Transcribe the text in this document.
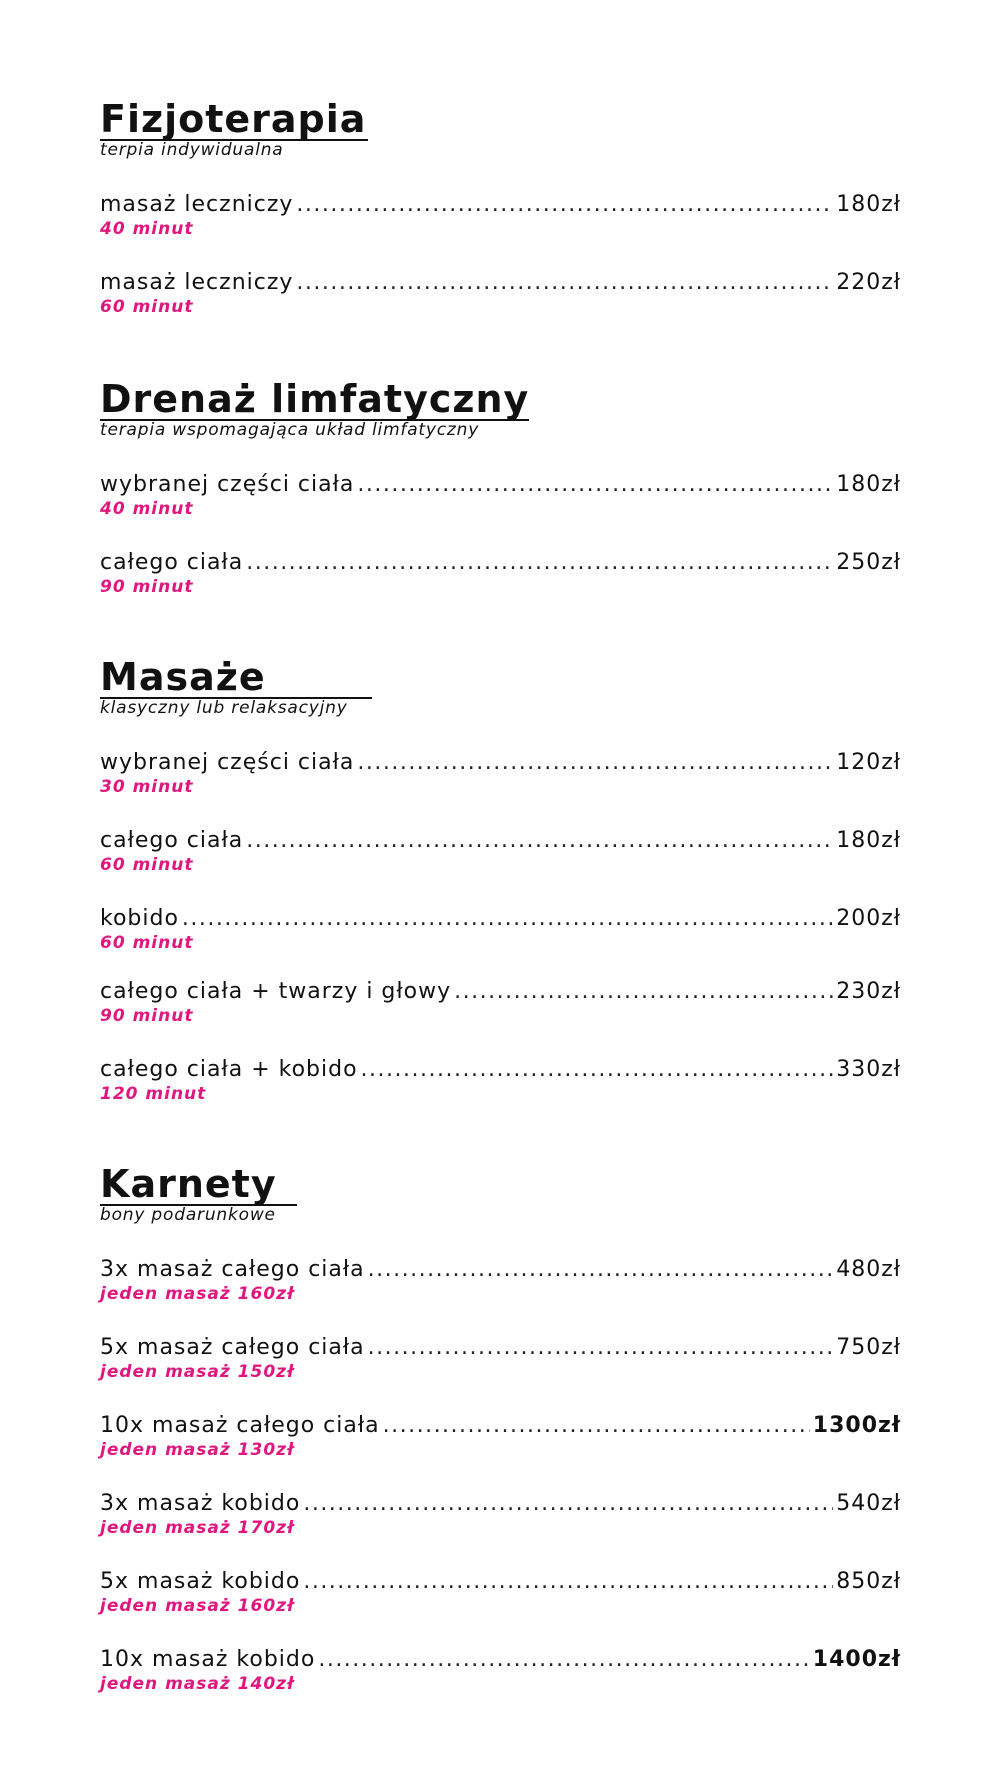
Fizjoterapia
terpia indywidualna
masaż leczniczy .....	180zł
40 minut
masaż leczniczy .....	220zł
60 minut
Drenaż limfatyczny
terapia wspomagająca układ limfatyczny
wybranej części ciała .....	180zł
40 minut
całego ciała .....	250zł
90 minut
Masaże
klasyczny lub relaksacyjny
wybranej części ciała .....	120zł
30 minut
całego ciała .....	180zł
60 minut
kobido .....	200zł
60 minut
całego ciała + twarzy i głowy .....	230zł
90 minut
całego ciała + kobido .....	330zł
120 minut
Karnety
bony podarunkowe
3x masaż całego ciała .....	480zł
jeden masaż 160zł
5x masaż całego ciała .....	750zł
jeden masaż 150zł
10x masaż całego ciała .....	1300zł
jeden masaż 130zł
3x masaż kobido .....	540zł
jeden masaż 170zł
5x masaż kobido .....	850zł
jeden masaż 160zł
10x masaż kobido .....	1400zł
jeden masaż 140zł
